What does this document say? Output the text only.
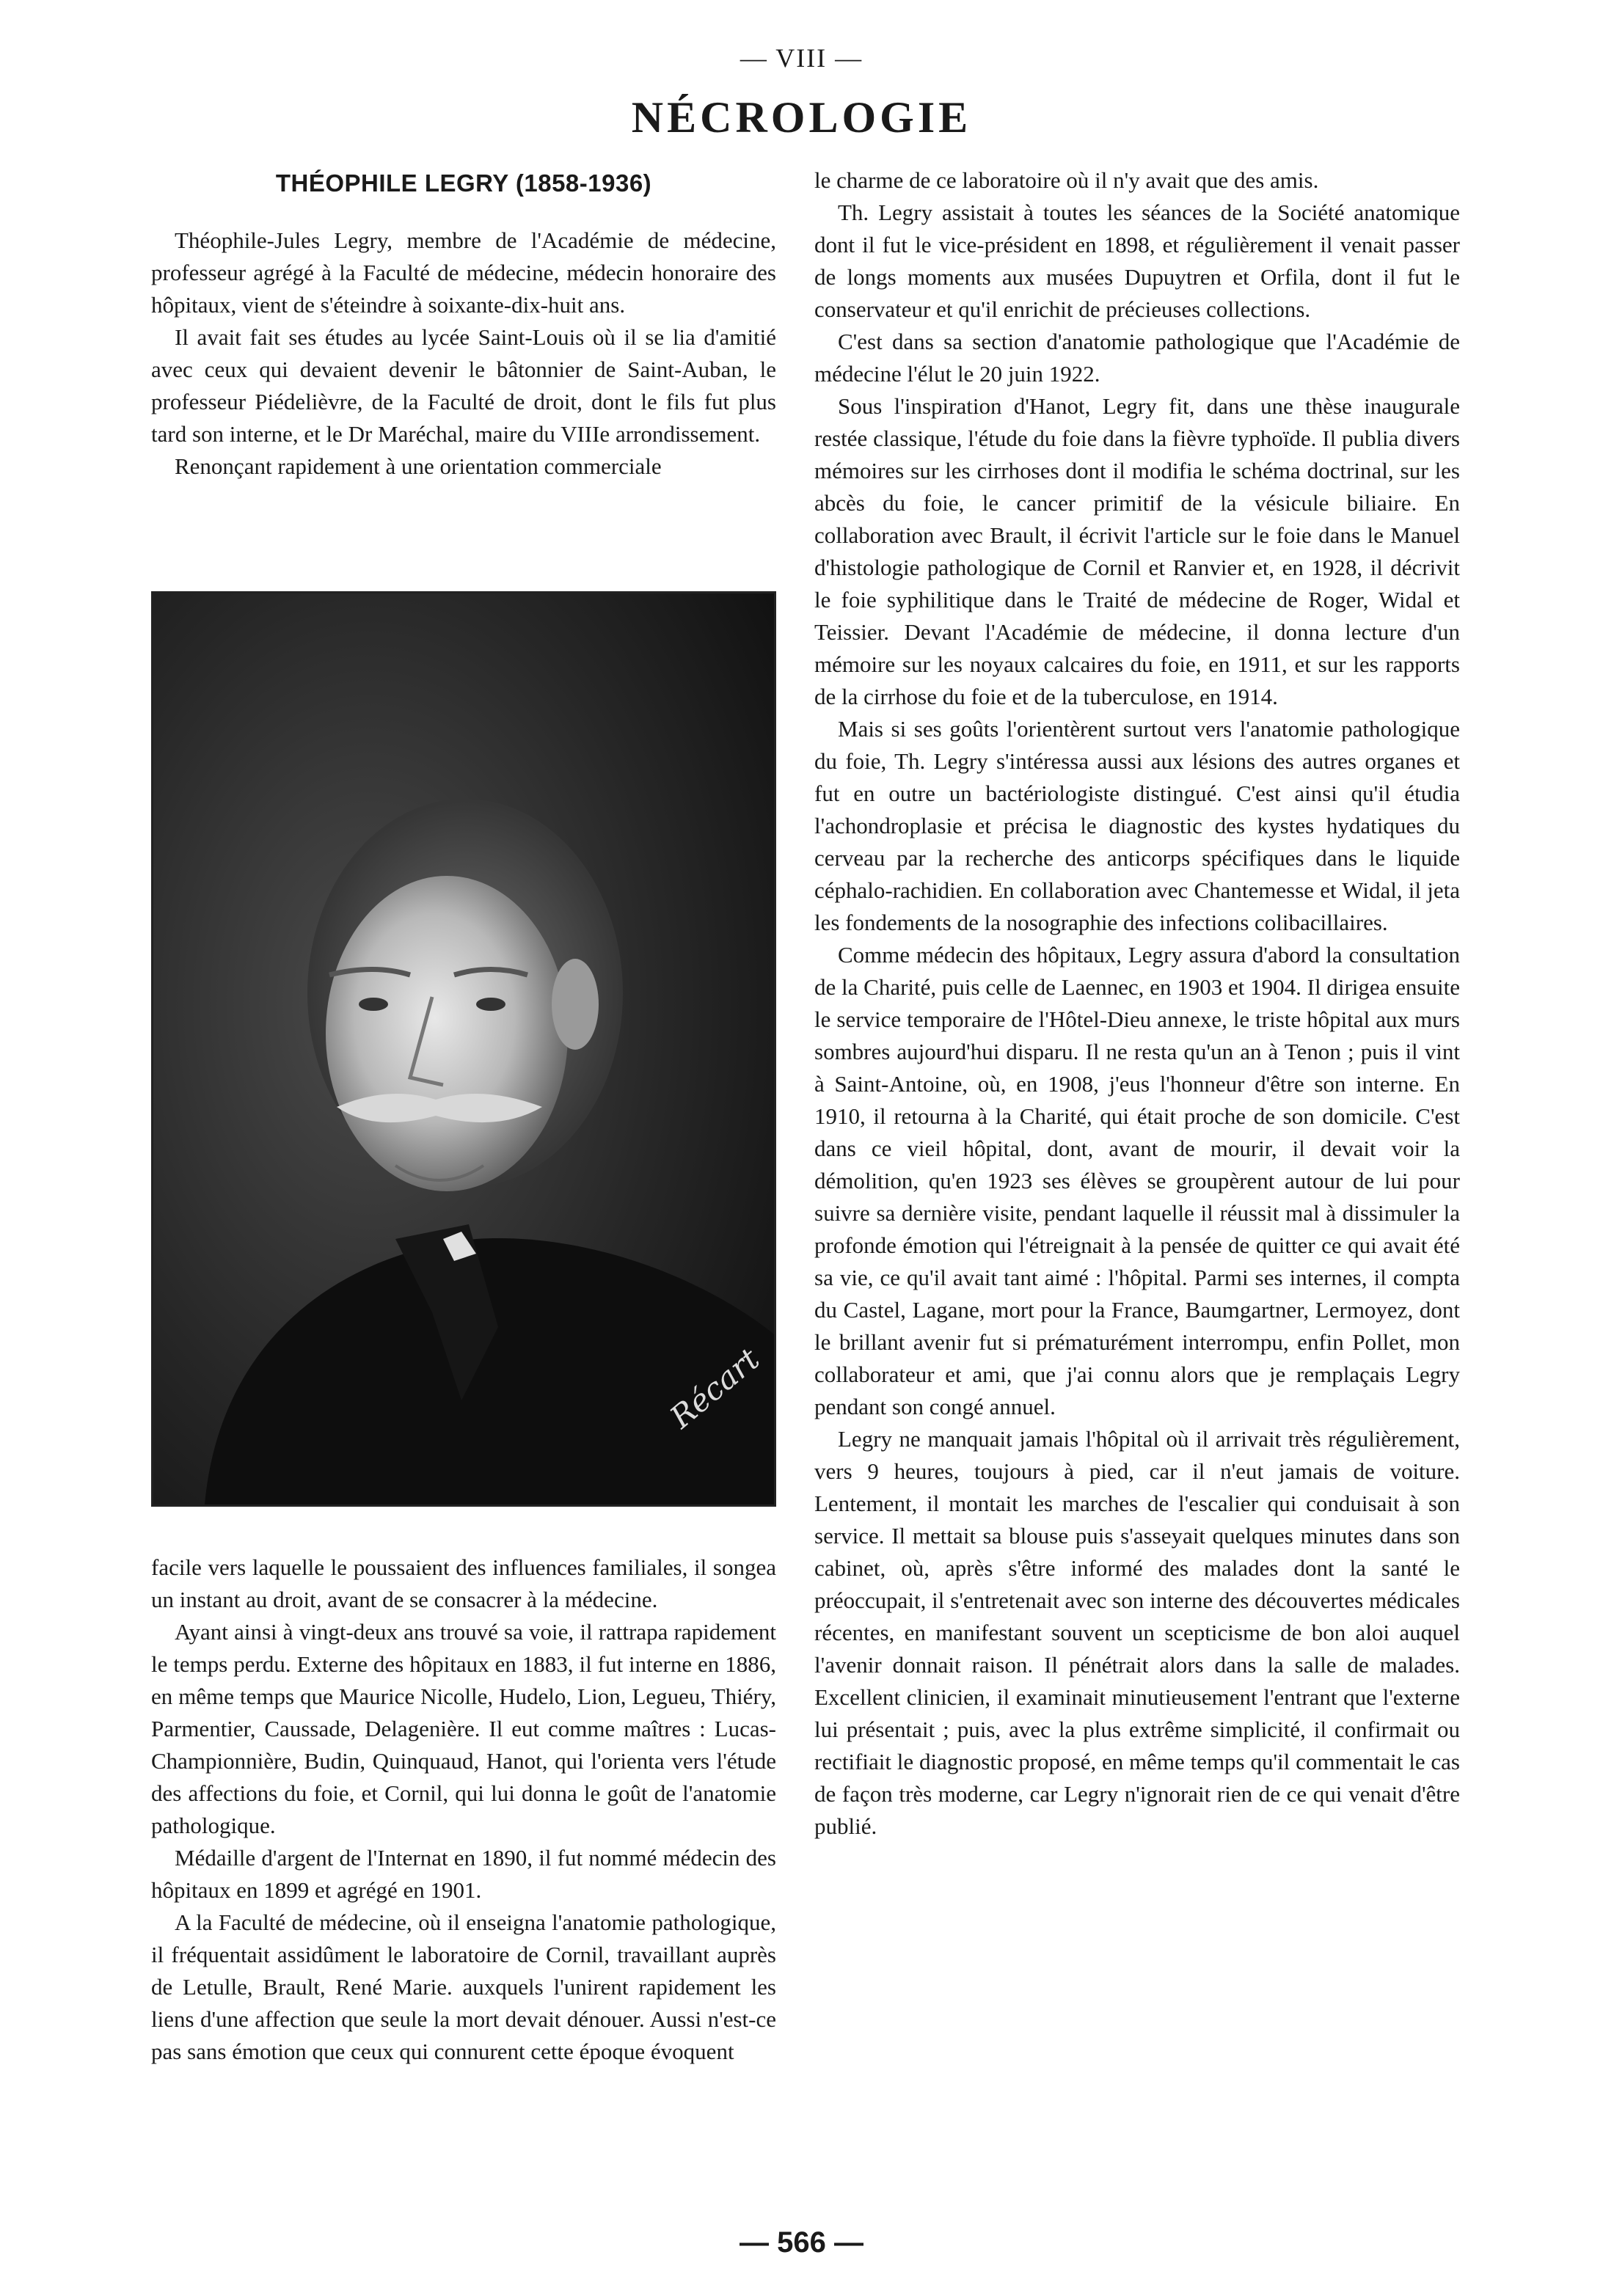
— VIII —
NÉCROLOGIE

THÉOPHILE LEGRY (1858-1936)

Théophile-Jules Legry, membre de l'Académie de médecine, professeur agrégé à la Faculté de médecine, médecin honoraire des hôpitaux, vient de s'éteindre à soixante-dix-huit ans.

Il avait fait ses études au lycée Saint-Louis où il se lia d'amitié avec ceux qui devaient devenir le bâtonnier de Saint-Auban, le professeur Piédelièvre, de la Faculté de droit, dont le fils fut plus tard son interne, et le Dr Maréchal, maire du VIIIe arrondissement.

Renonçant rapidement à une orientation commerciale

Récart

facile vers laquelle le poussaient des influences familiales, il songea un instant au droit, avant de se consacrer à la médecine.

Ayant ainsi à vingt-deux ans trouvé sa voie, il rattrapa rapidement le temps perdu. Externe des hôpitaux en 1883, il fut interne en 1886, en même temps que Maurice Nicolle, Hudelo, Lion, Legueu, Thiéry, Parmentier, Caussade, Delagenière. Il eut comme maîtres : Lucas-Championnière, Budin, Quinquaud, Hanot, qui l'orienta vers l'étude des affections du foie, et Cornil, qui lui donna le goût de l'anatomie pathologique.

Médaille d'argent de l'Internat en 1890, il fut nommé médecin des hôpitaux en 1899 et agrégé en 1901.

A la Faculté de médecine, où il enseigna l'anatomie pathologique, il fréquentait assidûment le laboratoire de Cornil, travaillant auprès de Letulle, Brault, René Marie. auxquels l'unirent rapidement les liens d'une affection que seule la mort devait dénouer. Aussi n'est-ce pas sans émotion que ceux qui connurent cette époque évoquent

le charme de ce laboratoire où il n'y avait que des amis.

Th. Legry assistait à toutes les séances de la Société anatomique dont il fut le vice-président en 1898, et régulièrement il venait passer de longs moments aux musées Dupuytren et Orfila, dont il fut le conservateur et qu'il enrichit de précieuses collections.

C'est dans sa section d'anatomie pathologique que l'Académie de médecine l'élut le 20 juin 1922.

Sous l'inspiration d'Hanot, Legry fit, dans une thèse inaugurale restée classique, l'étude du foie dans la fièvre typhoïde. Il publia divers mémoires sur les cirrhoses dont il modifia le schéma doctrinal, sur les abcès du foie, le cancer primitif de la vésicule biliaire. En collaboration avec Brault, il écrivit l'article sur le foie dans le Manuel d'histologie pathologique de Cornil et Ranvier et, en 1928, il décrivit le foie syphilitique dans le Traité de médecine de Roger, Widal et Teissier. Devant l'Académie de médecine, il donna lecture d'un mémoire sur les noyaux calcaires du foie, en 1911, et sur les rapports de la cirrhose du foie et de la tuberculose, en 1914.

Mais si ses goûts l'orientèrent surtout vers l'anatomie pathologique du foie, Th. Legry s'intéressa aussi aux lésions des autres organes et fut en outre un bactériologiste distingué. C'est ainsi qu'il étudia l'achondroplasie et précisa le diagnostic des kystes hydatiques du cerveau par la recherche des anticorps spécifiques dans le liquide céphalo-rachidien. En collaboration avec Chantemesse et Widal, il jeta les fondements de la nosographie des infections colibacillaires.

Comme médecin des hôpitaux, Legry assura d'abord la consultation de la Charité, puis celle de Laennec, en 1903 et 1904. Il dirigea ensuite le service temporaire de l'Hôtel-Dieu annexe, le triste hôpital aux murs sombres aujourd'hui disparu. Il ne resta qu'un an à Tenon ; puis il vint à Saint-Antoine, où, en 1908, j'eus l'honneur d'être son interne. En 1910, il retourna à la Charité, qui était proche de son domicile. C'est dans ce vieil hôpital, dont, avant de mourir, il devait voir la démolition, qu'en 1923 ses élèves se groupèrent autour de lui pour suivre sa dernière visite, pendant laquelle il réussit mal à dissimuler la profonde émotion qui l'étreignait à la pensée de quitter ce qui avait été sa vie, ce qu'il avait tant aimé : l'hôpital. Parmi ses internes, il compta du Castel, Lagane, mort pour la France, Baumgartner, Lermoyez, dont le brillant avenir fut si prématurément interrompu, enfin Pollet, mon collaborateur et ami, que j'ai connu alors que je remplaçais Legry pendant son congé annuel.

Legry ne manquait jamais l'hôpital où il arrivait très régulièrement, vers 9 heures, toujours à pied, car il n'eut jamais de voiture. Lentement, il montait les marches de l'escalier qui conduisait à son service. Il mettait sa blouse puis s'asseyait quelques minutes dans son cabinet, où, après s'être informé des malades dont la santé le préoccupait, il s'entretenait avec son interne des découvertes médicales récentes, en manifestant souvent un scepticisme de bon aloi auquel l'avenir donnait raison. Il pénétrait alors dans la salle de malades. Excellent clinicien, il examinait minutieusement l'entrant que l'externe lui présentait ; puis, avec la plus extrême simplicité, il confirmait ou rectifiait le diagnostic proposé, en même temps qu'il commentait le cas de façon très moderne, car Legry n'ignorait rien de ce qui venait d'être publié.

— 566 —
